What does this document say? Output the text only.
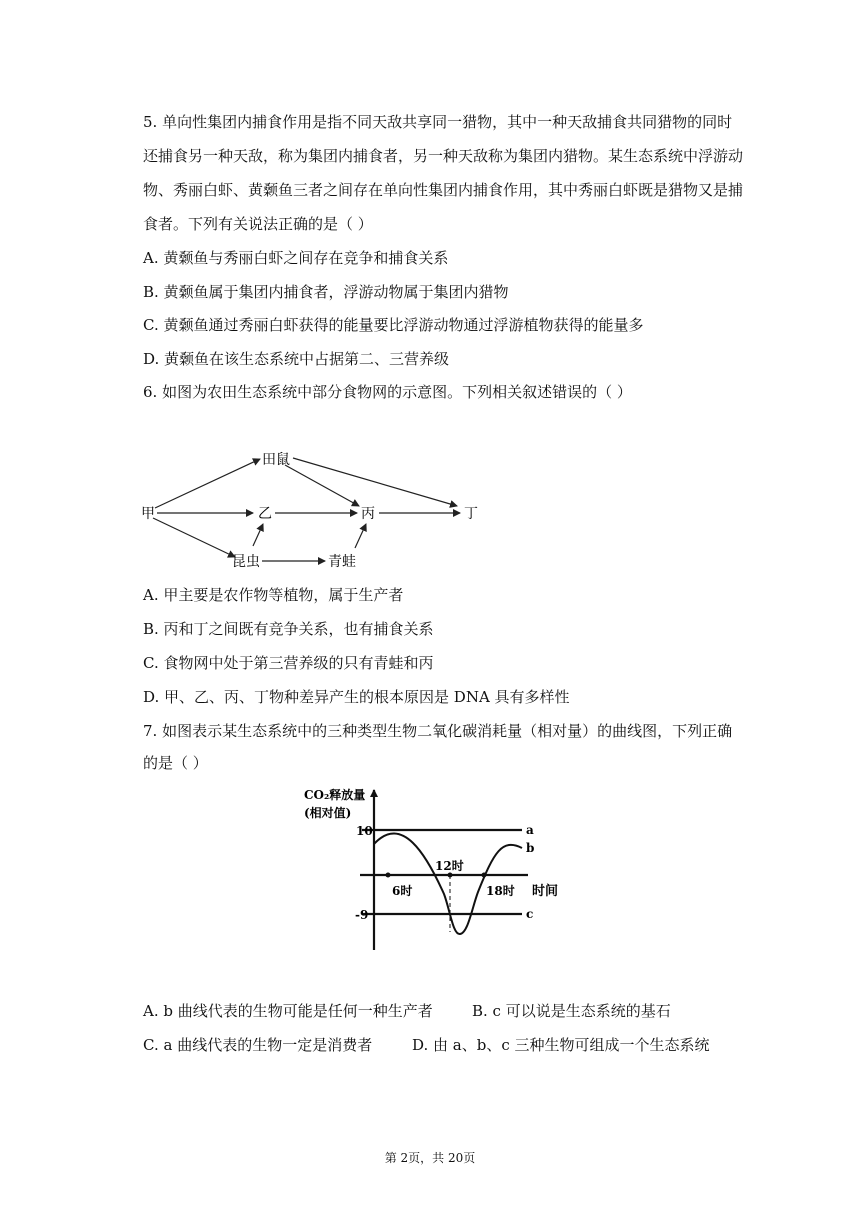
5. 单向性集团内捕食作用是指不同天敌共享同一猎物，其中一种天敌捕食共同猎物的同时
还捕食另一种天敌，称为集团内捕食者，另一种天敌称为集团内猎物。某生态系统中浮游动
物、秀丽白虾、黄颡鱼三者之间存在单向性集团内捕食作用，其中秀丽白虾既是猎物又是捕
食者。下列有关说法正确的是（ ）
A. 黄颡鱼与秀丽白虾之间存在竞争和捕食关系
B. 黄颡鱼属于集团内捕食者，浮游动物属于集团内猎物
C. 黄颡鱼通过秀丽白虾获得的能量要比浮游动物通过浮游植物获得的能量多
D. 黄颡鱼在该生态系统中占据第二、三营养级
6. 如图为农田生态系统中部分食物网的示意图。下列相关叙述错误的（ ）
田鼠
甲	乙	丙	丁
昆虫	青蛙
A. 甲主要是农作物等植物，属于生产者
B. 丙和丁之间既有竞争关系，也有捕食关系
C. 食物网中处于第三营养级的只有青蛙和丙
D. 甲、乙、丙、丁物种差异产生的根本原因是 DNA 具有多样性
7. 如图表示某生态系统中的三种类型生物二氧化碳消耗量（相对量）的曲线图，下列正确
的是（ ）
CO₂释放量
(相对值)
10
-9
12时
6时	18时 时间
a
b
c
A. b 曲线代表的生物可能是任何一种生产者	B. c 可以说是生态系统的基石
C. a 曲线代表的生物一定是消费者	D. 由 a、b、c 三种生物可组成一个生态系统
第 2页，共 20页
